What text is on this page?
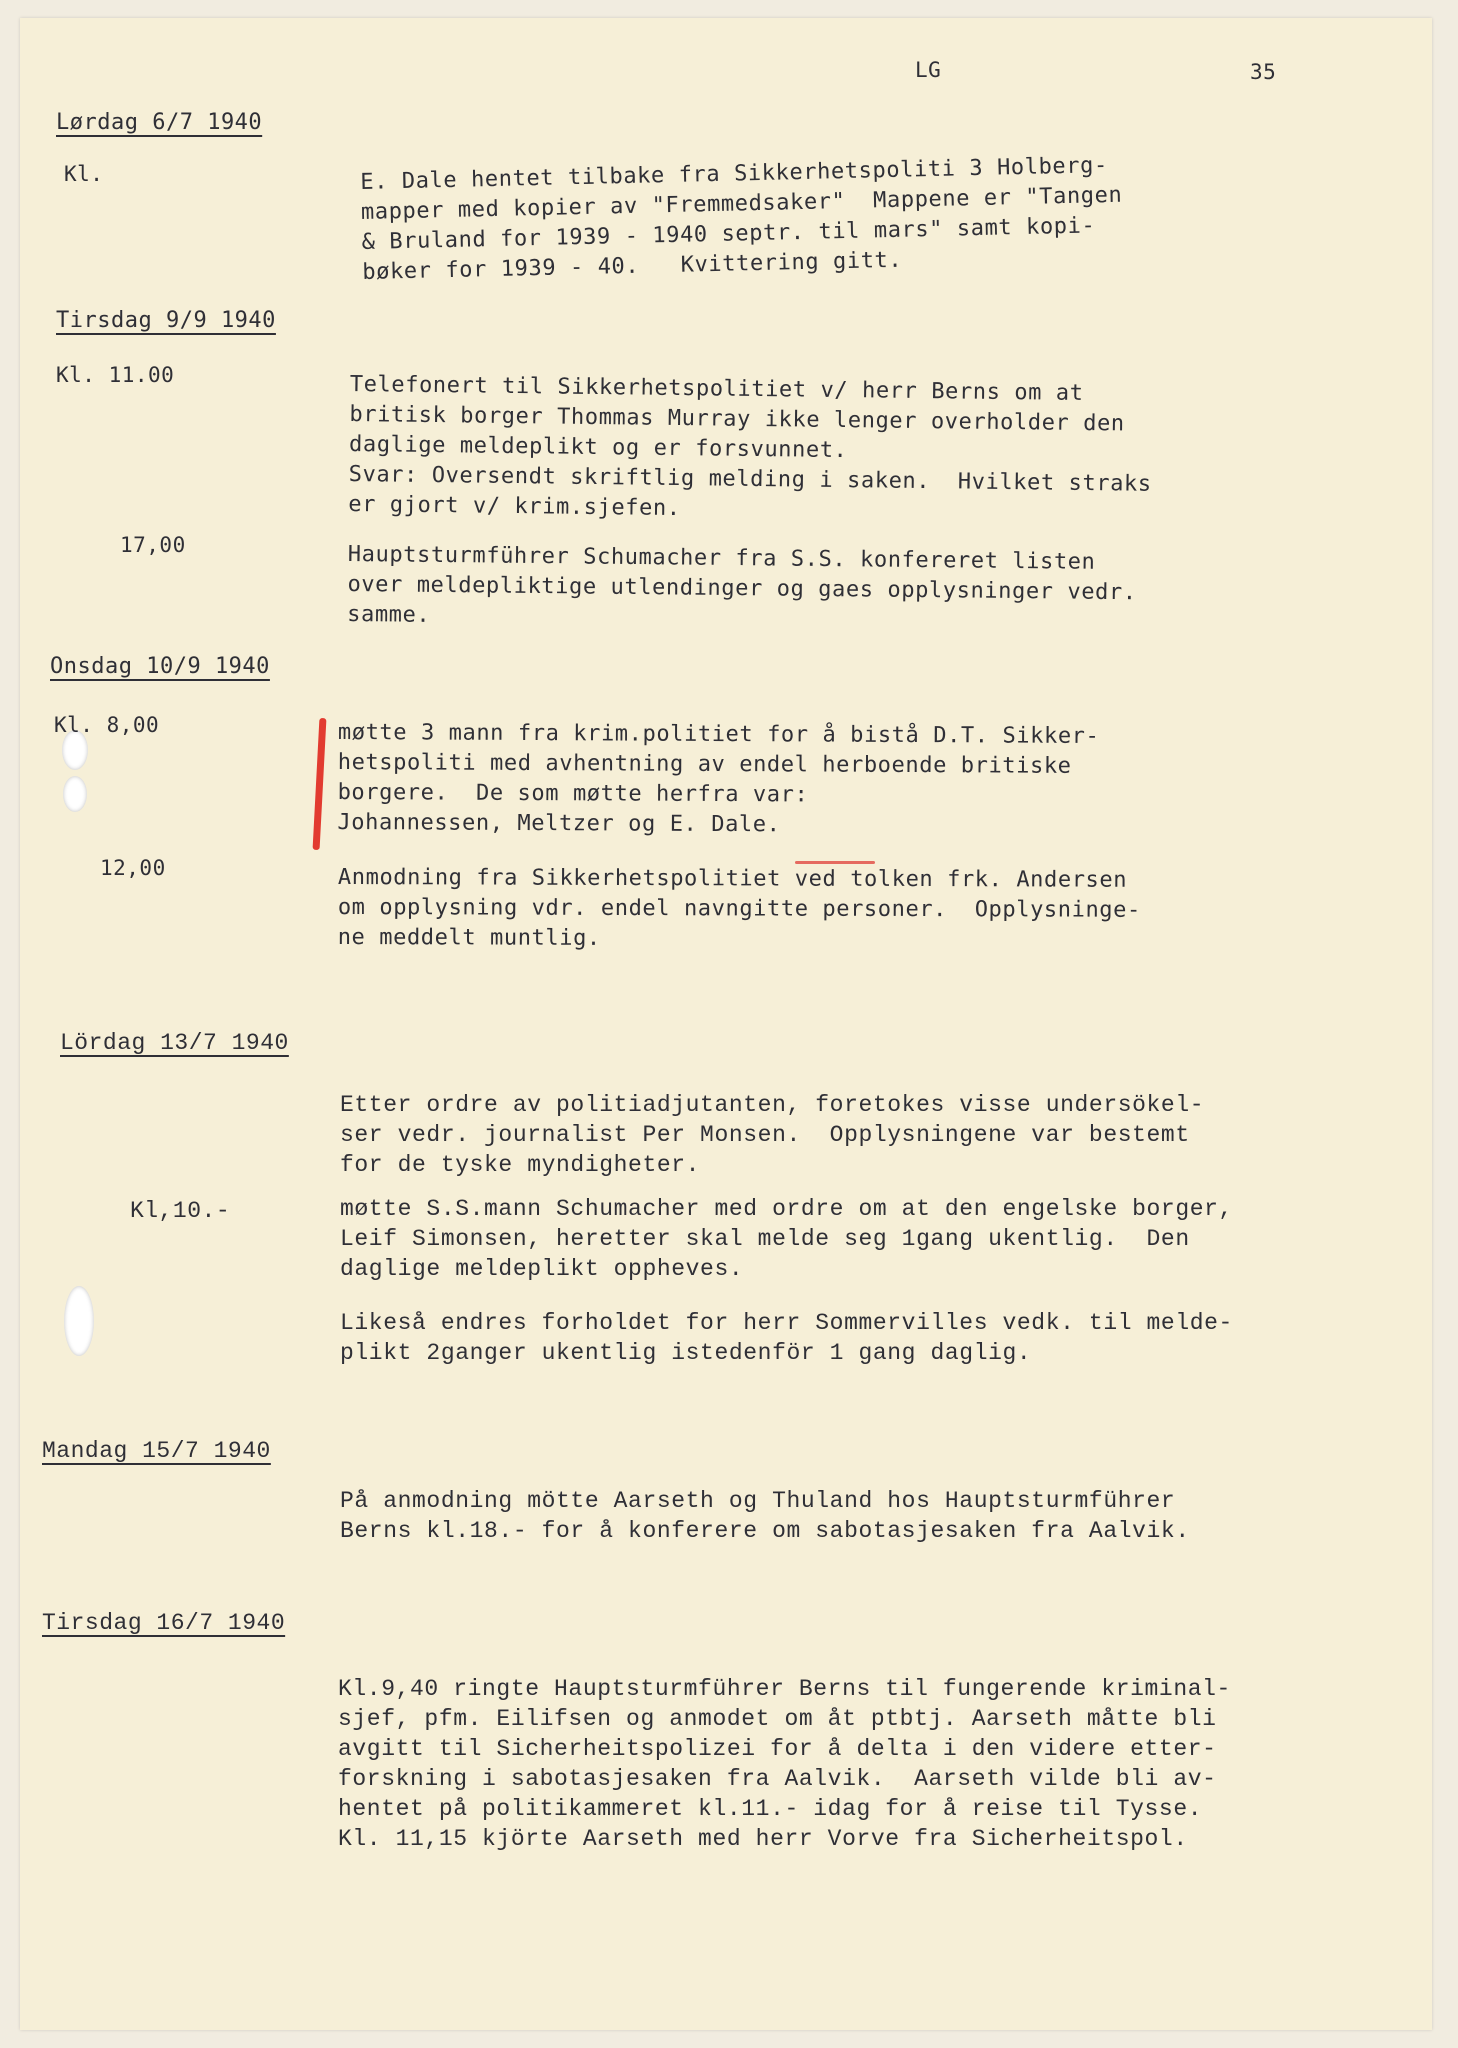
LG	35
Lørdag 6/7 1940
Kl.	E. Dale hentet tilbake fra Sikkerhetspoliti 3 Holberg-
mapper med kopier av "Fremmedsaker"  Mappene er "Tangen
& Bruland for 1939 - 1940 septr. til mars" samt kopi-
bøker for 1939 - 40.   Kvittering gitt.
Tirsdag 9/9 1940
Kl. 11.00	Telefonert til Sikkerhetspolitiet v/ herr Berns om at
britisk borger Thommas Murray ikke lenger overholder den
daglige meldeplikt og er forsvunnet.
Svar: Oversendt skriftlig melding i saken.  Hvilket straks
er gjort v/ krim.sjefen.
17,00	Hauptsturmführer Schumacher fra S.S. konfereret listen
over meldepliktige utlendinger og gaes opplysninger vedr.
samme.
Onsdag 10/9 1940
Kl. 8,00	møtte 3 mann fra krim.politiet for å bistå D.T. Sikker-
hetspoliti med avhentning av endel herboende britiske
borgere.  De som møtte herfra var:
Johannessen, Meltzer og E. Dale.
12,00	Anmodning fra Sikkerhetspolitiet ved tolken frk. Andersen
om opplysning vdr. endel navngitte personer.  Opplysninge-
ne meddelt muntlig.
Lördag 13/7 1940
Etter ordre av politiadjutanten, foretokes visse undersökel-
ser vedr. journalist Per Monsen.  Opplysningene var bestemt
for de tyske myndigheter.
Kl,10.-	møtte S.S.mann Schumacher med ordre om at den engelske borger,
Leif Simonsen, heretter skal melde seg 1gang ukentlig.  Den
daglige meldeplikt oppheves.
Likeså endres forholdet for herr Sommervilles vedk. til melde-
plikt 2ganger ukentlig istedenför 1 gang daglig.
Mandag 15/7 1940
På anmodning mötte Aarseth og Thuland hos Hauptsturmführer
Berns kl.18.- for å konferere om sabotasjesaken fra Aalvik.
Tirsdag 16/7 1940
Kl.9,40 ringte Hauptsturmführer Berns til fungerende kriminal-
sjef, pfm. Eilifsen og anmodet om åt ptbtj. Aarseth måtte bli
avgitt til Sicherheitspolizei for å delta i den videre etter-
forskning i sabotasjesaken fra Aalvik.  Aarseth vilde bli av-
hentet på politikammeret kl.11.- idag for å reise til Tysse.
Kl. 11,15 kjörte Aarseth med herr Vorve fra Sicherheitspol.
